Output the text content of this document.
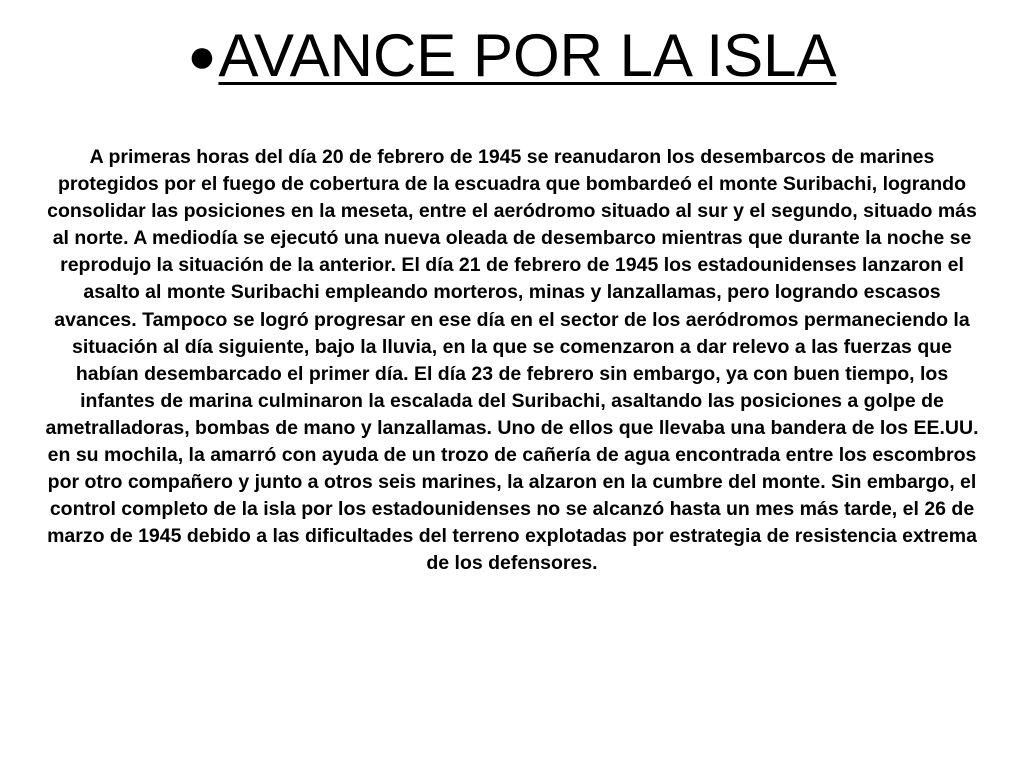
●AVANCE POR LA ISLA

A primeras horas del día 20 de febrero de 1945 se reanudaron los desembarcos de marines protegidos por el fuego de cobertura de la escuadra que bombardeó el monte Suribachi, logrando consolidar las posiciones en la meseta, entre el aeródromo situado al sur y el segundo, situado más al norte. A mediodía se ejecutó una nueva oleada de desembarco mientras que durante la noche se reprodujo la situación de la anterior. El día 21 de febrero de 1945 los estadounidenses lanzaron el asalto al monte Suribachi empleando morteros, minas y lanzallamas, pero logrando escasos avances. Tampoco se logró progresar en ese día en el sector de los aeródromos permaneciendo la situación al día siguiente, bajo la lluvia, en la que se comenzaron a dar relevo a las fuerzas que habían desembarcado el primer día. El día 23 de febrero sin embargo, ya con buen tiempo, los infantes de marina culminaron la escalada del Suribachi, asaltando las posiciones a golpe de ametralladoras, bombas de mano y lanzallamas. Uno de ellos que llevaba una bandera de los EE.UU. en su mochila, la amarró con ayuda de un trozo de cañería de agua encontrada entre los escombros por otro compañero y junto a otros seis marines, la alzaron en la cumbre del monte. Sin embargo, el control completo de la isla por los estadounidenses no se alcanzó hasta un mes más tarde, el 26 de marzo de 1945 debido a las dificultades del terreno explotadas por estrategia de resistencia extrema de los defensores.
